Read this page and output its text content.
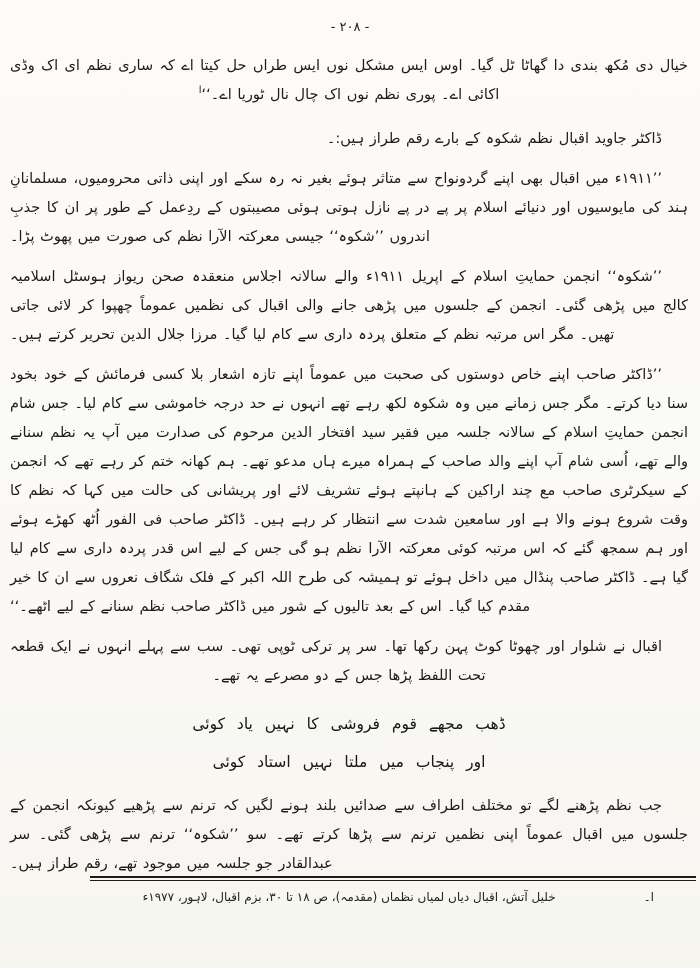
- ۲۰۸ -

خیال دی مُکھ بندی دا گھاٹا ٹل گیا۔ اوس ایس مشکل نوں ایس طراں حل کیتا اے کہ ساری نظم ای اک وڈی اکائی اے۔ پوری نظم نوں اک چال نال ٹوریا اے۔‘‘$^ا$

ڈاکٹر جاوید اقبال نظم شکوہ کے بارے رقم طراز ہیں:۔

’’۱۹۱۱ء میں اقبال بھی اپنے گردونواح سے متاثر ہوئے بغیر نہ رہ سکے اور اپنی ذاتی محرومیوں، مسلمانانِ ہند کی مایوسیوں اور دنیائے اسلام پر پے در پے نازل ہوتی ہوئی مصیبتوں کے ردِعمل کے طور پر ان کا جذبِ اندروں ’’شکوہ‘‘ جیسی معرکتہ الآرا نظم کی صورت میں پھوٹ پڑا۔

’’شکوہ‘‘ انجمن حمایتِ اسلام کے اپریل ۱۹۱۱ء والے سالانہ اجلاس منعقدہ صحن ریواز ہوسٹل اسلامیہ کالج میں پڑھی گئی۔ انجمن کے جلسوں میں پڑھی جانے والی اقبال کی نظمیں عموماً چھپوا کر لائی جاتی تھیں۔ مگر اس مرتبہ نظم کے متعلق پردہ داری سے کام لیا گیا۔ مرزا جلال الدین تحریر کرتے ہیں۔

’’ڈاکٹر صاحب اپنے خاص دوستوں کی صحبت میں عموماً اپنے تازہ اشعار بلا کسی فرمائش کے خود بخود سنا دیا کرتے۔ مگر جس زمانے میں وہ شکوہ لکھ رہے تھے انہوں نے حد درجہ خاموشی سے کام لیا۔ جس شام انجمن حمایتِ اسلام کے سالانہ جلسہ میں فقیر سید افتخار الدین مرحوم کی صدارت میں آپ یہ نظم سنانے والے تھے، اُسی شام آپ اپنے والد صاحب کے ہمراہ میرے ہاں مدعو تھے۔ ہم کھانہ ختم کر رہے تھے کہ انجمن کے سیکرٹری صاحب مع چند اراکین کے ہانپتے ہوئے تشریف لائے اور پریشانی کی حالت میں کہا کہ نظم کا وقت شروع ہونے والا ہے اور سامعین شدت سے انتظار کر رہے ہیں۔ ڈاکٹر صاحب فی الفور اُٹھ کھڑے ہوئے اور ہم سمجھ گئے کہ اس مرتبہ کوئی معرکتہ الآرا نظم ہو گی جس کے لیے اس قدر پردہ داری سے کام لیا گیا ہے۔ ڈاکٹر صاحب پنڈال میں داخل ہوئے تو ہمیشہ کی طرح اللہ اکبر کے فلک شگاف نعروں سے ان کا خیر مقدم کیا گیا۔ اس کے بعد تالیوں کے شور میں ڈاکٹر صاحب نظم سنانے کے لیے اٹھے۔‘‘

اقبال نے شلوار اور چھوٹا کوٹ پہن رکھا تھا۔ سر پر ترکی ٹوپی تھی۔ سب سے پہلے انہوں نے ایک قطعہ تحت اللفظ پڑھا جس کے دو مصرعے یہ تھے۔

ڈھب مجھے قوم فروشی کا نہیں یاد کوئی
اور پنجاب میں ملتا نہیں استاد کوئی

جب نظم پڑھنے لگے تو مختلف اطراف سے صدائیں بلند ہونے لگیں کہ ترنم سے پڑھیے کیونکہ انجمن کے جلسوں میں اقبال عموماً اپنی نظمیں ترنم سے پڑھا کرتے تھے۔ سو ’’شکوہ‘‘ ترنم سے پڑھی گئی۔ سر عبدالقادر جو جلسہ میں موجود تھے، رقم طراز ہیں۔

ا۔
خلیل آتش، اقبال دیاں لمیاں نظماں (مقدمہ)، ص ۱۸ تا ۳۰، بزم اقبال، لاہور، ۱۹۷۷ء
